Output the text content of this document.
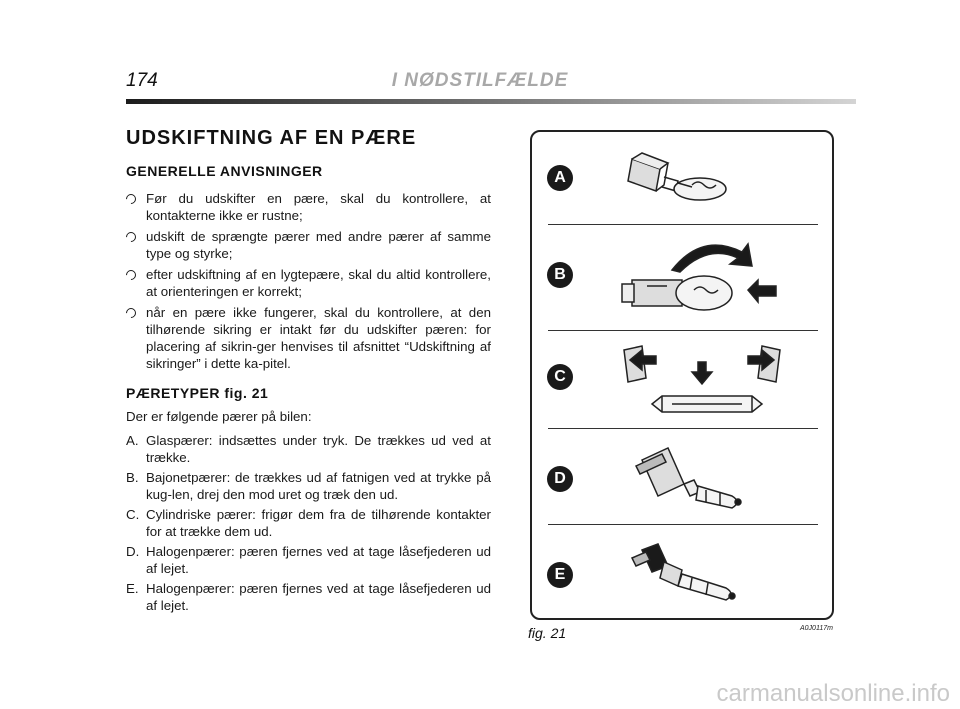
174	I NØDSTILFÆLDE
UDSKIFTNING AF EN PÆRE
GENERELLE ANVISNINGER
Før du udskifter en pære, skal du kontrollere, at kontakterne ikke er rustne;
udskift de sprængte pærer med andre pærer af samme type og styrke;
efter udskiftning af en lygtepære, skal du altid kontrollere, at orienteringen er korrekt;
når en pære ikke fungerer, skal du kontrollere, at den tilhørende sikring er intakt før du udskifter pæren: for placering af sikrin-ger henvises til afsnittet “Udskiftning af sikringer” i dette ka-pitel.
PÆRETYPER fig. 21
Der er følgende pærer på bilen:
A. Glaspærer: indsættes under tryk. De trækkes ud ved at trække.
B. Bajonetpærer: de trækkes ud af fatnigen ved at trykke på kug-len, drej den mod uret og træk den ud.
C. Cylindriske pærer: frigør dem fra de tilhørende kontakter for at trække dem ud.
D. Halogenpærer: pæren fjernes ved at tage låsefjederen ud af lejet.
E. Halogenpærer: pæren fjernes ved at tage låsefjederen ud af lejet.
A
B
C
D
E
fig. 21	A0J0117m
carmanualsonline.info
